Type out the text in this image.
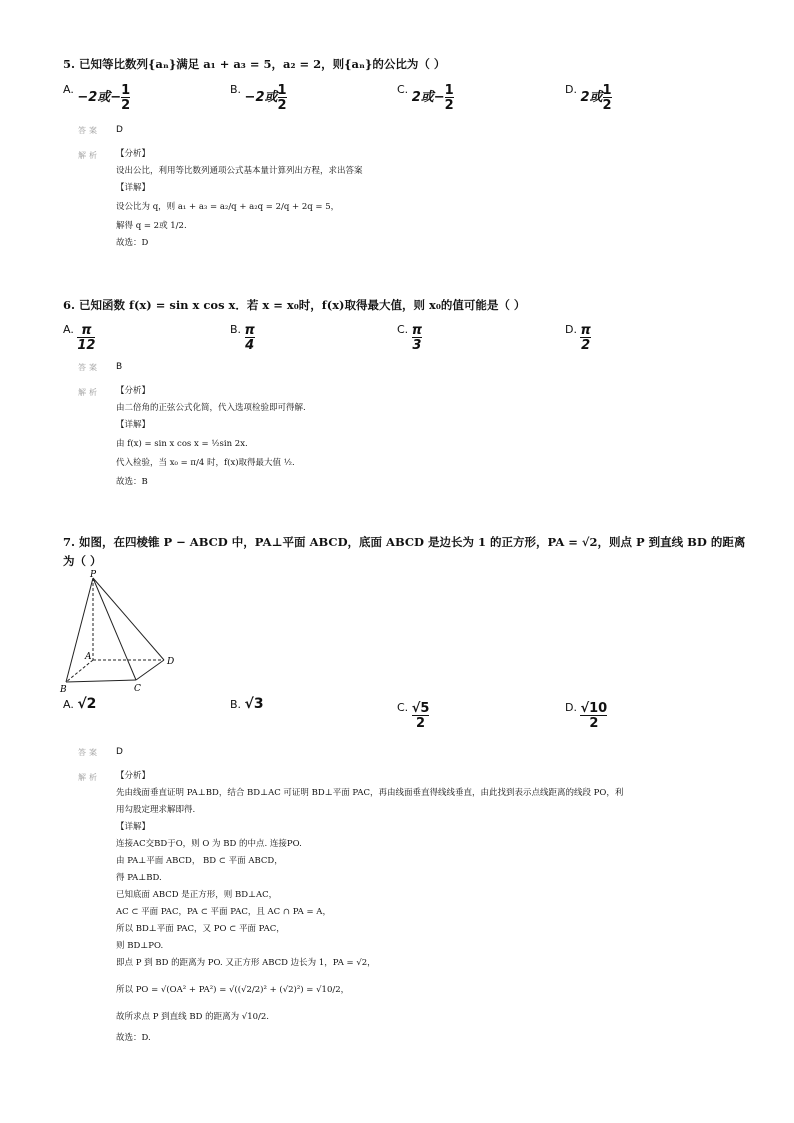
5. 已知等比数列{aₙ}满足 a₁ + a₃ = 5，a₂ = 2，则{aₙ}的公比为（ ）
A. −2或− $\frac{1}{2}$	B. −2或 $\frac{1}{2}$	C. 2或− $\frac{1}{2}$	D. 2或 $\frac{1}{2}$
答案 D
解析 【分析】
设出公比，利用等比数列通项公式基本量计算列出方程，求出答案
【详解】
设公比为 q，则 a₁ + a₃ = a₂/q + a₂q = 2/q + 2q = 5，
解得 q = 2或 1/2.
故选：D
6. 已知函数 f(x) = sin x cos x．若 x = x₀时，f(x)取得最大值，则 x₀的值可能是（ ）
A. $\frac{\pi}{12}$	B. $\frac{\pi}{4}$	C. $\frac{\pi}{3}$	D. $\frac{\pi}{2}$
答案 B
解析 【分析】
由二倍角的正弦公式化简，代入选项检验即可得解.
【详解】
由 f(x) = sin x cos x = ½sin 2x.
代入检验，当 x₀ = π/4 时，f(x)取得最大值 ½.
故选：B
7. 如图，在四棱锥 P − ABCD 中，PA⊥平面 ABCD，底面 ABCD 是边长为 1 的正方形，PA = √2，则点 P 到直线 BD 的距离
为（ ）
P
A
B	C
D
A. √2	B. √3	C. $\frac{√5}{2}$	D. $\frac{√10}{2}$
答案 D
解析 【分析】
先由线面垂直证明 PA⊥BD，结合 BD⊥AC 可证明 BD⊥平面 PAC，再由线面垂直得线线垂直，由此找到表示点线距离的线段 PO，利
用勾股定理求解即得.
【详解】
连接AC交BD于O，则 O 为 BD 的中点. 连接PO.
由 PA⊥平面 ABCD， BD ⊂ 平面 ABCD，
得 PA⊥BD.
已知底面 ABCD 是正方形，则 BD⊥AC，
AC ⊂ 平面 PAC，PA ⊂ 平面 PAC，且 AC ∩ PA = A，
所以 BD⊥平面 PAC，又 PO ⊂ 平面 PAC，
则 BD⊥PO.
即点 P 到 BD 的距离为 PO. 又正方形 ABCD 边长为 1，PA = √2，
所以 PO = √(OA² + PA²) = √((√2/2)² + (√2)²) = √10/2，
故所求点 P 到直线 BD 的距离为 √10/2.
故选：D.
